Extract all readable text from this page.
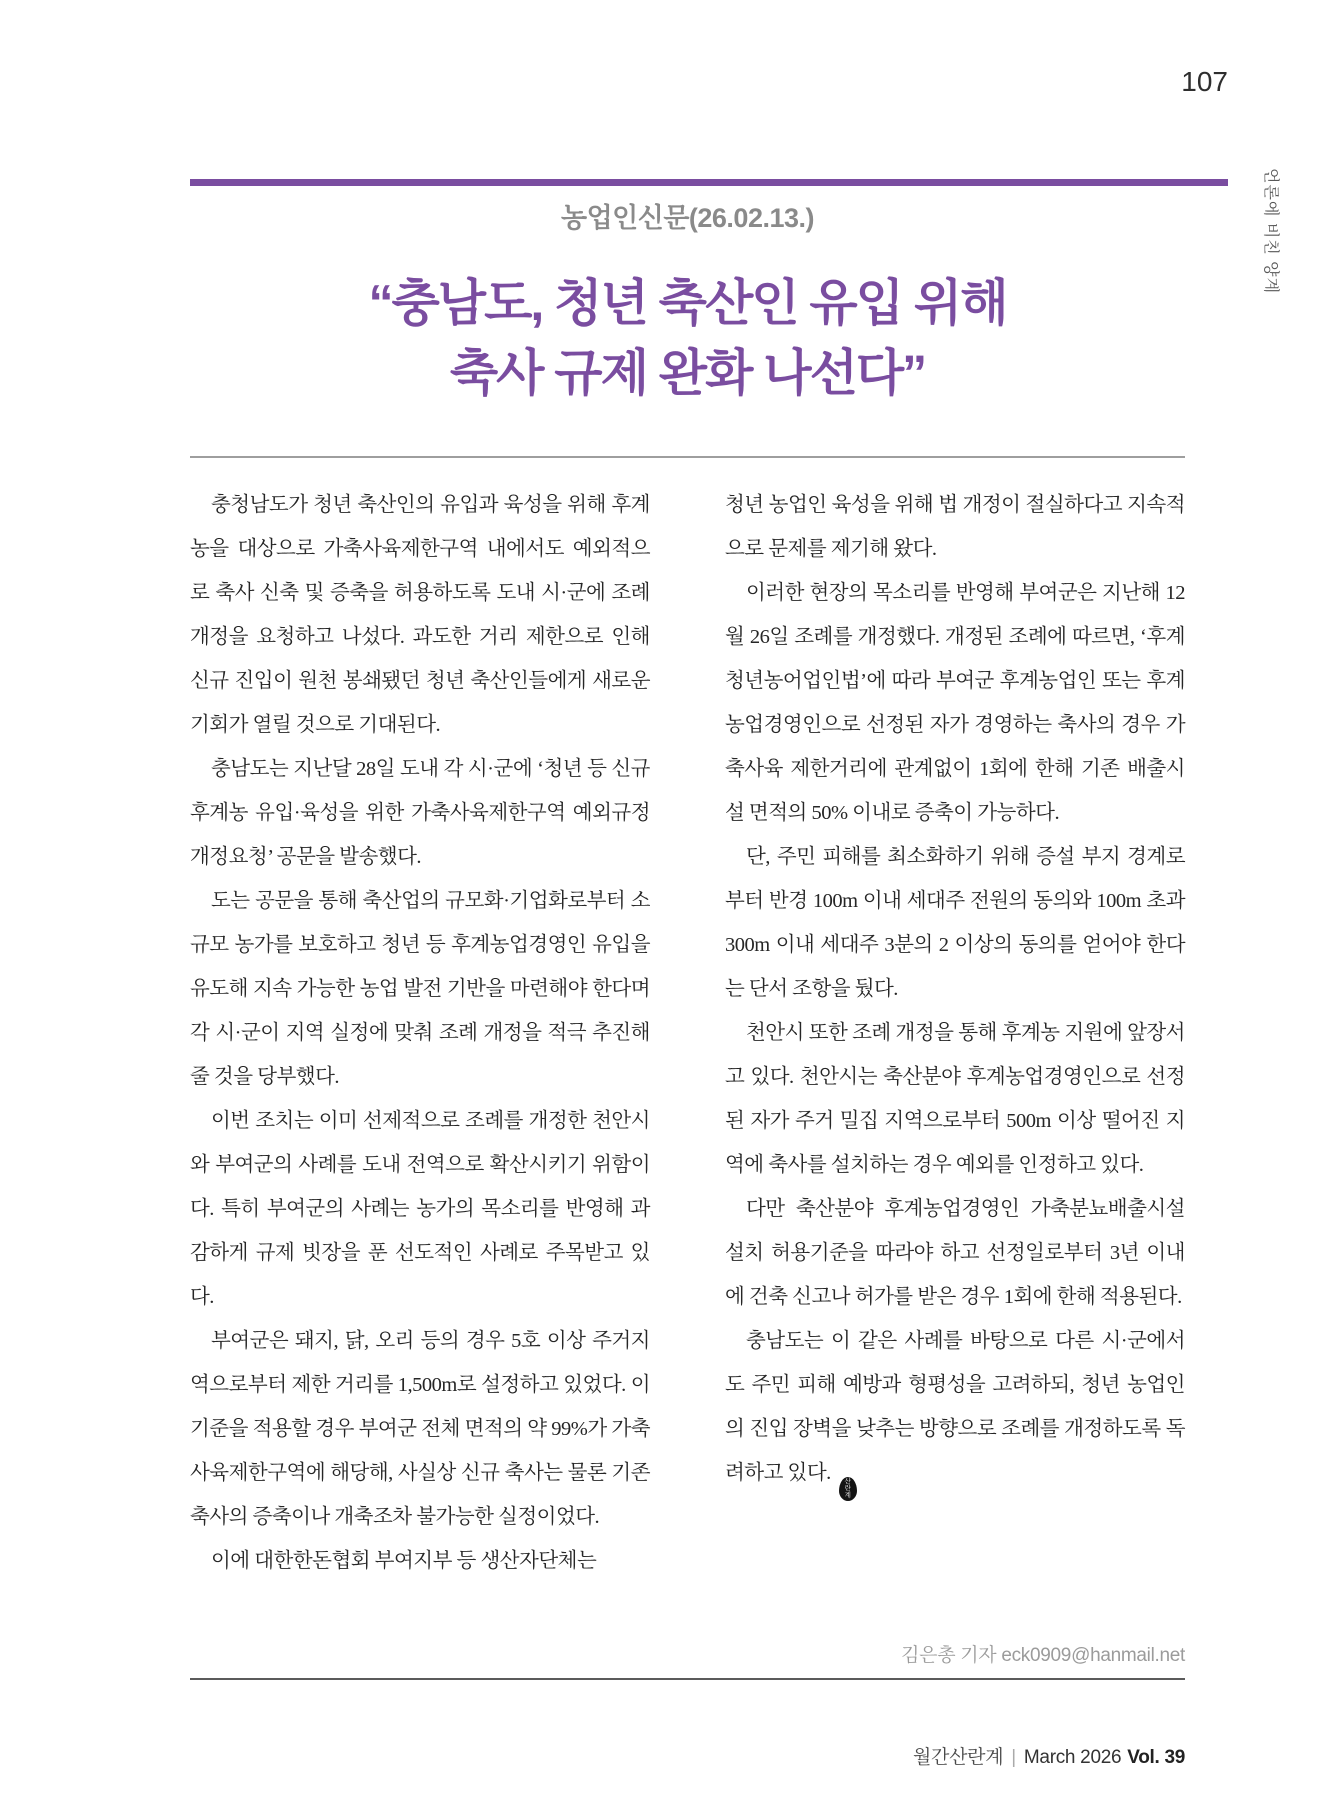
107
언론에 비친 양계
농업인신문(26.02.13.)
“충남도, 청년 축산인 유입 위해
축사 규제 완화 나선다”

충청남도가 청년 축산인의 유입과 육성을 위해 후계농을 대상으로 가축사육제한구역 내에서도 예외적으로 축사 신축 및 증축을 허용하도록 도내 시·군에 조례 개정을 요청하고 나섰다. 과도한 거리 제한으로 인해 신규 진입이 원천 봉쇄됐던 청년 축산인들에게 새로운 기회가 열릴 것으로 기대된다.

충남도는 지난달 28일 도내 각 시·군에 ‘청년 등 신규 후계농 유입·육성을 위한 가축사육제한구역 예외규정 개정요청’ 공문을 발송했다.

도는 공문을 통해 축산업의 규모화·기업화로부터 소규모 농가를 보호하고 청년 등 후계농업경영인 유입을 유도해 지속 가능한 농업 발전 기반을 마련해야 한다며 각 시·군이 지역 실정에 맞춰 조례 개정을 적극 추진해 줄 것을 당부했다.

이번 조치는 이미 선제적으로 조례를 개정한 천안시와 부여군의 사례를 도내 전역으로 확산시키기 위함이다. 특히 부여군의 사례는 농가의 목소리를 반영해 과감하게 규제 빗장을 푼 선도적인 사례로 주목받고 있다.

부여군은 돼지, 닭, 오리 등의 경우 5호 이상 주거지역으로부터 제한 거리를 1,500m로 설정하고 있었다. 이 기준을 적용할 경우 부여군 전체 면적의 약 99%가 가축사육제한구역에 해당해, 사실상 신규 축사는 물론 기존 축사의 증축이나 개축조차 불가능한 실정이었다.

이에 대한한돈협회 부여지부 등 생산자단체는

청년 농업인 육성을 위해 법 개정이 절실하다고 지속적으로 문제를 제기해 왔다.

이러한 현장의 목소리를 반영해 부여군은 지난해 12월 26일 조례를 개정했다. 개정된 조례에 따르면, ‘후계청년농어업인법’에 따라 부여군 후계농업인 또는 후계농업경영인으로 선정된 자가 경영하는 축사의 경우 가축사육 제한거리에 관계없이 1회에 한해 기존 배출시설 면적의 50% 이내로 증축이 가능하다.

단, 주민 피해를 최소화하기 위해 증설 부지 경계로부터 반경 100m 이내 세대주 전원의 동의와 100m 초과 300m 이내 세대주 3분의 2 이상의 동의를 얻어야 한다는 단서 조항을 뒀다.

천안시 또한 조례 개정을 통해 후계농 지원에 앞장서고 있다. 천안시는 축산분야 후계농업경영인으로 선정된 자가 주거 밀집 지역으로부터 500m 이상 떨어진 지역에 축사를 설치하는 경우 예외를 인정하고 있다.

다만 축산분야 후계농업경영인 가축분뇨배출시설 설치 허용기준을 따라야 하고 선정일로부터 3년 이내에 건축 신고나 허가를 받은 경우 1회에 한해 적용된다.

충남도는 이 같은 사례를 바탕으로 다른 시·군에서도 주민 피해 예방과 형평성을 고려하되, 청년 농업인의 진입 장벽을 낮추는 방향으로 조례를 개정하도록 독려하고 있다. 산란계

김은총 기자 eck0909@hanmail.net
월간산란계 | March 2026 Vol. 39
